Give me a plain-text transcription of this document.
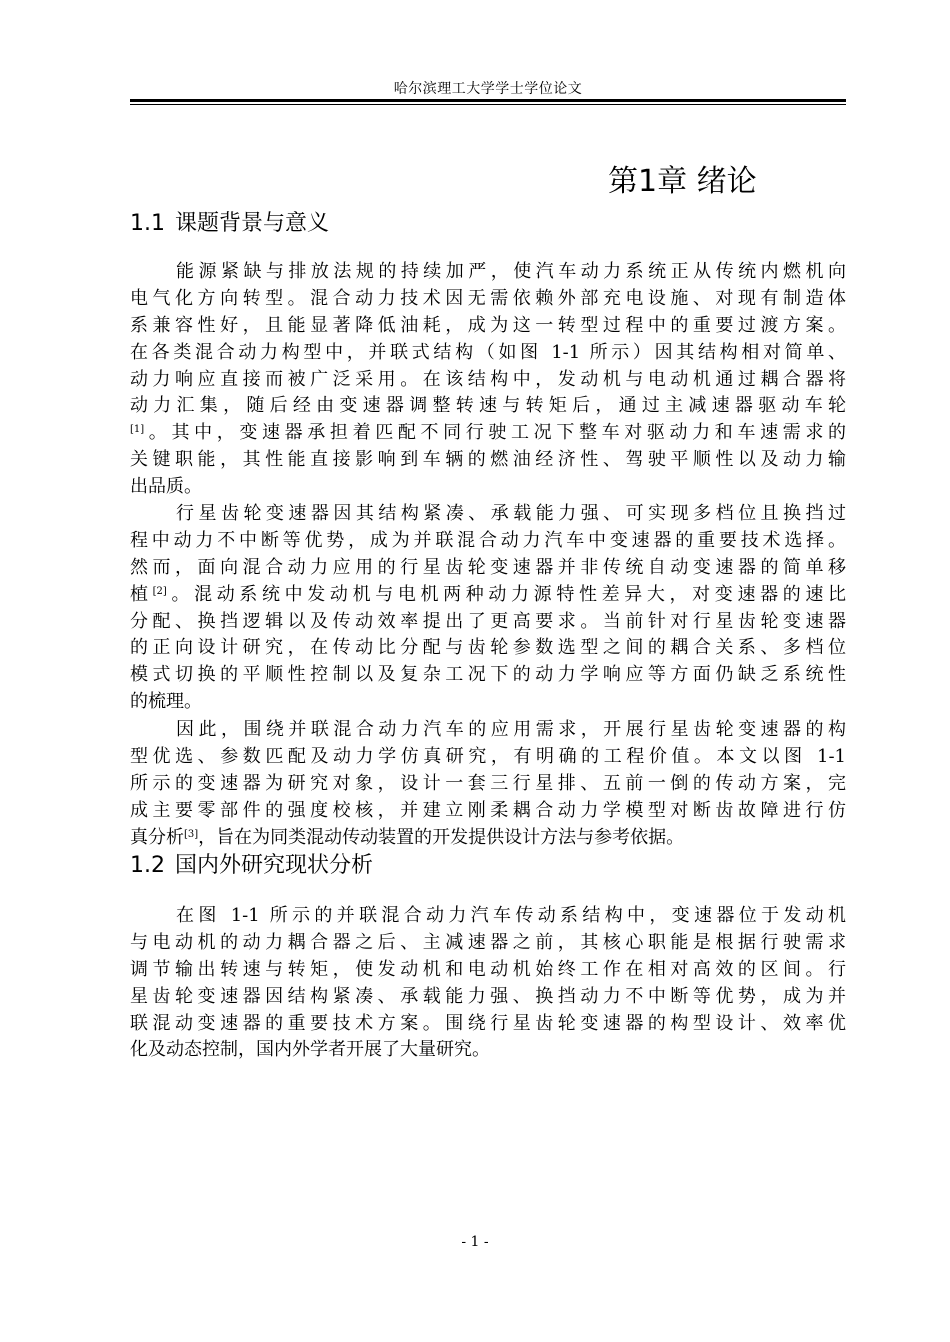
哈尔滨理工大学学士学位论文
第1章 绪论
1.1 课题背景与意义
能源紧缺与排放法规的持续加严，使汽车动力系统正从传统内燃机向
电气化方向转型。混合动力技术因无需依赖外部充电设施、对现有制造体
系兼容性好，且能显著降低油耗，成为这一转型过程中的重要过渡方案。
在各类混合动力构型中，并联式结构（如图 1-1 所示）因其结构相对简单、
动力响应直接而被广泛采用。在该结构中，发动机与电动机通过耦合器将
动力汇集，随后经由变速器调整转速与转矩后，通过主减速器驱动车轮
[1]。其中，变速器承担着匹配不同行驶工况下整车对驱动力和车速需求的
关键职能，其性能直接影响到车辆的燃油经济性、驾驶平顺性以及动力输
出品质。
行星齿轮变速器因其结构紧凑、承载能力强、可实现多档位且换挡过
程中动力不中断等优势，成为并联混合动力汽车中变速器的重要技术选择。
然而，面向混合动力应用的行星齿轮变速器并非传统自动变速器的简单移
植[2]。混动系统中发动机与电机两种动力源特性差异大，对变速器的速比
分配、换挡逻辑以及传动效率提出了更高要求。当前针对行星齿轮变速器
的正向设计研究，在传动比分配与齿轮参数选型之间的耦合关系、多档位
模式切换的平顺性控制以及复杂工况下的动力学响应等方面仍缺乏系统性
的梳理。
因此，围绕并联混合动力汽车的应用需求，开展行星齿轮变速器的构
型优选、参数匹配及动力学仿真研究，有明确的工程价值。本文以图 1-1
所示的变速器为研究对象，设计一套三行星排、五前一倒的传动方案，完
成主要零部件的强度校核，并建立刚柔耦合动力学模型对断齿故障进行仿
真分析[3]，旨在为同类混动传动装置的开发提供设计方法与参考依据。
1.2 国内外研究现状分析
在图 1-1 所示的并联混合动力汽车传动系结构中，变速器位于发动机
与电动机的动力耦合器之后、主减速器之前，其核心职能是根据行驶需求
调节输出转速与转矩，使发动机和电动机始终工作在相对高效的区间。行
星齿轮变速器因结构紧凑、承载能力强、换挡动力不中断等优势，成为并
联混动变速器的重要技术方案。围绕行星齿轮变速器的构型设计、效率优
化及动态控制，国内外学者开展了大量研究。
- 1 -
